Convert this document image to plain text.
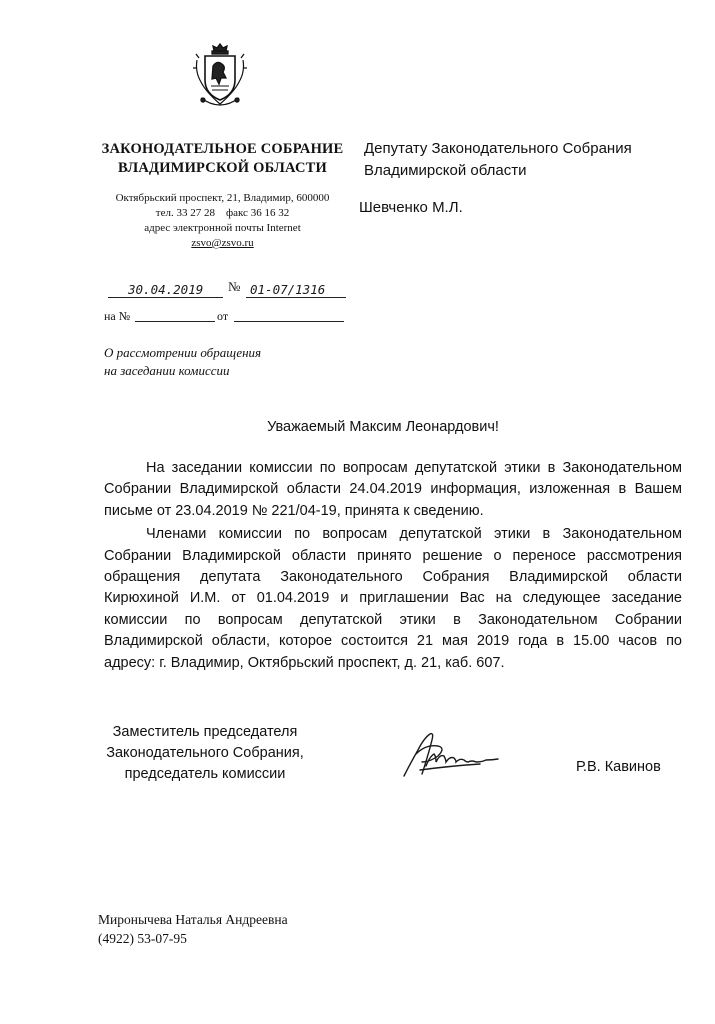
ЗАКОНОДАТЕЛЬНОЕ СОБРАНИЕ
ВЛАДИМИРСКОЙ ОБЛАСТИ
Октябрьский проспект, 21, Владимир, 600000
тел. 33 27 28    факс 36 16 32
адрес электронной почты Internet
zsvo@zsvo.ru
Депутату Законодательного Собрания
Владимирской области
Шевченко М.Л.
30.04.2019 № 01-07/1316
на №	от
О рассмотрении обращения
на заседании комиссии
Уважаемый Максим Леонардович!

На заседании комиссии по вопросам депутатской этики в Законодательном Собрании Владимирской области 24.04.2019 информация, изложенная в Вашем письме от 23.04.2019 № 221/04-19, принята к сведению.

Членами комиссии по вопросам депутатской этики в Законодательном Собрании Владимирской области принято решение о переносе рассмотрения обращения депутата Законодательного Собрания Владимирской области Кирюхиной И.М. от 01.04.2019 и приглашении Вас на следующее заседание комиссии по вопросам депутатской этики в Законодательном Собрании Владимирской области, которое состоится 21 мая 2019 года в 15.00 часов по адресу: г. Владимир, Октябрьский проспект, д. 21, каб. 607.

Заместитель председателя
Законодательного Собрания,
председатель комиссии	Р.В. Кавинов
Миронычева Наталья Андреевна
(4922) 53-07-95
